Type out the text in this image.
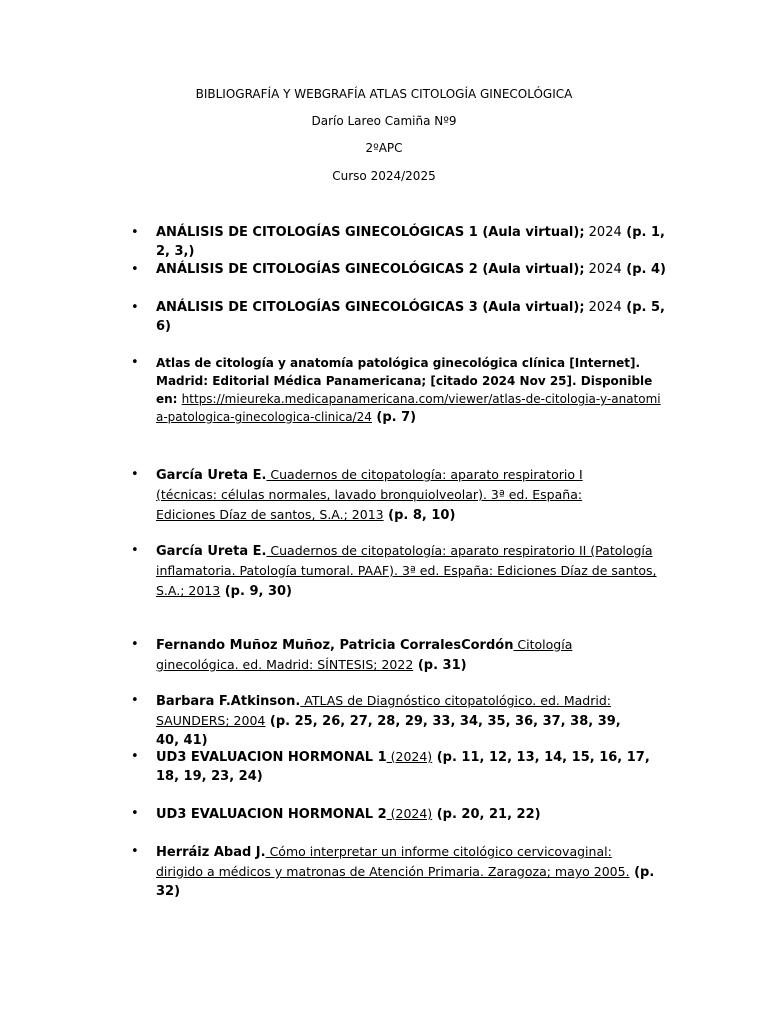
BIBLIOGRAFÍA Y WEBGRAFÍA ATLAS CITOLOGÍA GINECOLÓGICA
Darío Lareo Camiña Nº9
2ºAPC
Curso 2024/2025
• ANÁLISIS DE CITOLOGÍAS GINECOLÓGICAS 1 (Aula virtual); 2024 (p. 1, 2, 3,)
• ANÁLISIS DE CITOLOGÍAS GINECOLÓGICAS 2 (Aula virtual); 2024 (p. 4)
• ANÁLISIS DE CITOLOGÍAS GINECOLÓGICAS 3 (Aula virtual); 2024 (p. 5, 6)
• Atlas de citología y anatomía patológica ginecológica clínica [Internet]. Madrid: Editorial Médica Panamericana; [citado 2024 Nov 25]. Disponible en: https://mieureka.medicapanamericana.com/viewer/atlas-de-citologia-y-anatomia-patologica-ginecologica-clinica/24 (p. 7)
• García Ureta E. Cuadernos de citopatología: aparato respiratorio I (técnicas: células normales, lavado bronquiolveolar). 3ª ed. España: Ediciones Díaz de santos, S.A.; 2013 (p. 8, 10)
• García Ureta E. Cuadernos de citopatología: aparato respiratorio II (Patología inflamatoria. Patología tumoral. PAAF). 3ª ed. España: Ediciones Díaz de santos, S.A.; 2013 (p. 9, 30)
• Fernando Muñoz Muñoz, Patricia CorralesCordón Citología ginecológica. ed. Madrid: SÍNTESIS; 2022 (p. 31)
• Barbara F.Atkinson. ATLAS de Diagnóstico citopatológico. ed. Madrid: SAUNDERS; 2004 (p. 25, 26, 27, 28, 29, 33, 34, 35, 36, 37, 38, 39, 40, 41)
• UD3 EVALUACION HORMONAL 1 (2024) (p. 11, 12, 13, 14, 15, 16, 17, 18, 19, 23, 24)
• UD3 EVALUACION HORMONAL 2 (2024) (p. 20, 21, 22)
• Herráiz Abad J. Cómo interpretar un informe citológico cervicovaginal: dirigido a médicos y matronas de Atención Primaria. Zaragoza; mayo 2005. (p. 32)
